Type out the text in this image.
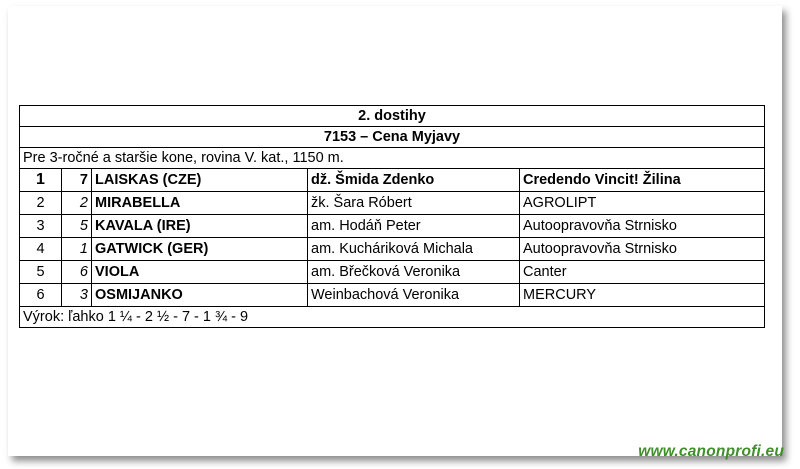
2. dostihy				
7153 – Cena Myjavy				
Pre 3-ročné a staršie kone, rovina V. kat., 1150 m.				
1	7	LAISKAS (CZE)	dž. Šmida Zdenko	Credendo Vincit! Žilina
2	2	MIRABELLA	žk. Šara Róbert	AGROLIPT
3	5	KAVALA (IRE)	am. Hodáň Peter	Autoopravovňa Strnisko
4	1	GATWICK (GER)	am. Kucháriková Michala	Autoopravovňa Strnisko
5	6	VIOLA	am. Břečková Veronika	Canter
6	3	OSMIJANKO	Weinbachová Veronika	MERCURY
Výrok: ľahko 1 ¼ - 2 ½ - 7 - 1 ¾ - 9				
www.canonprofi.eu
